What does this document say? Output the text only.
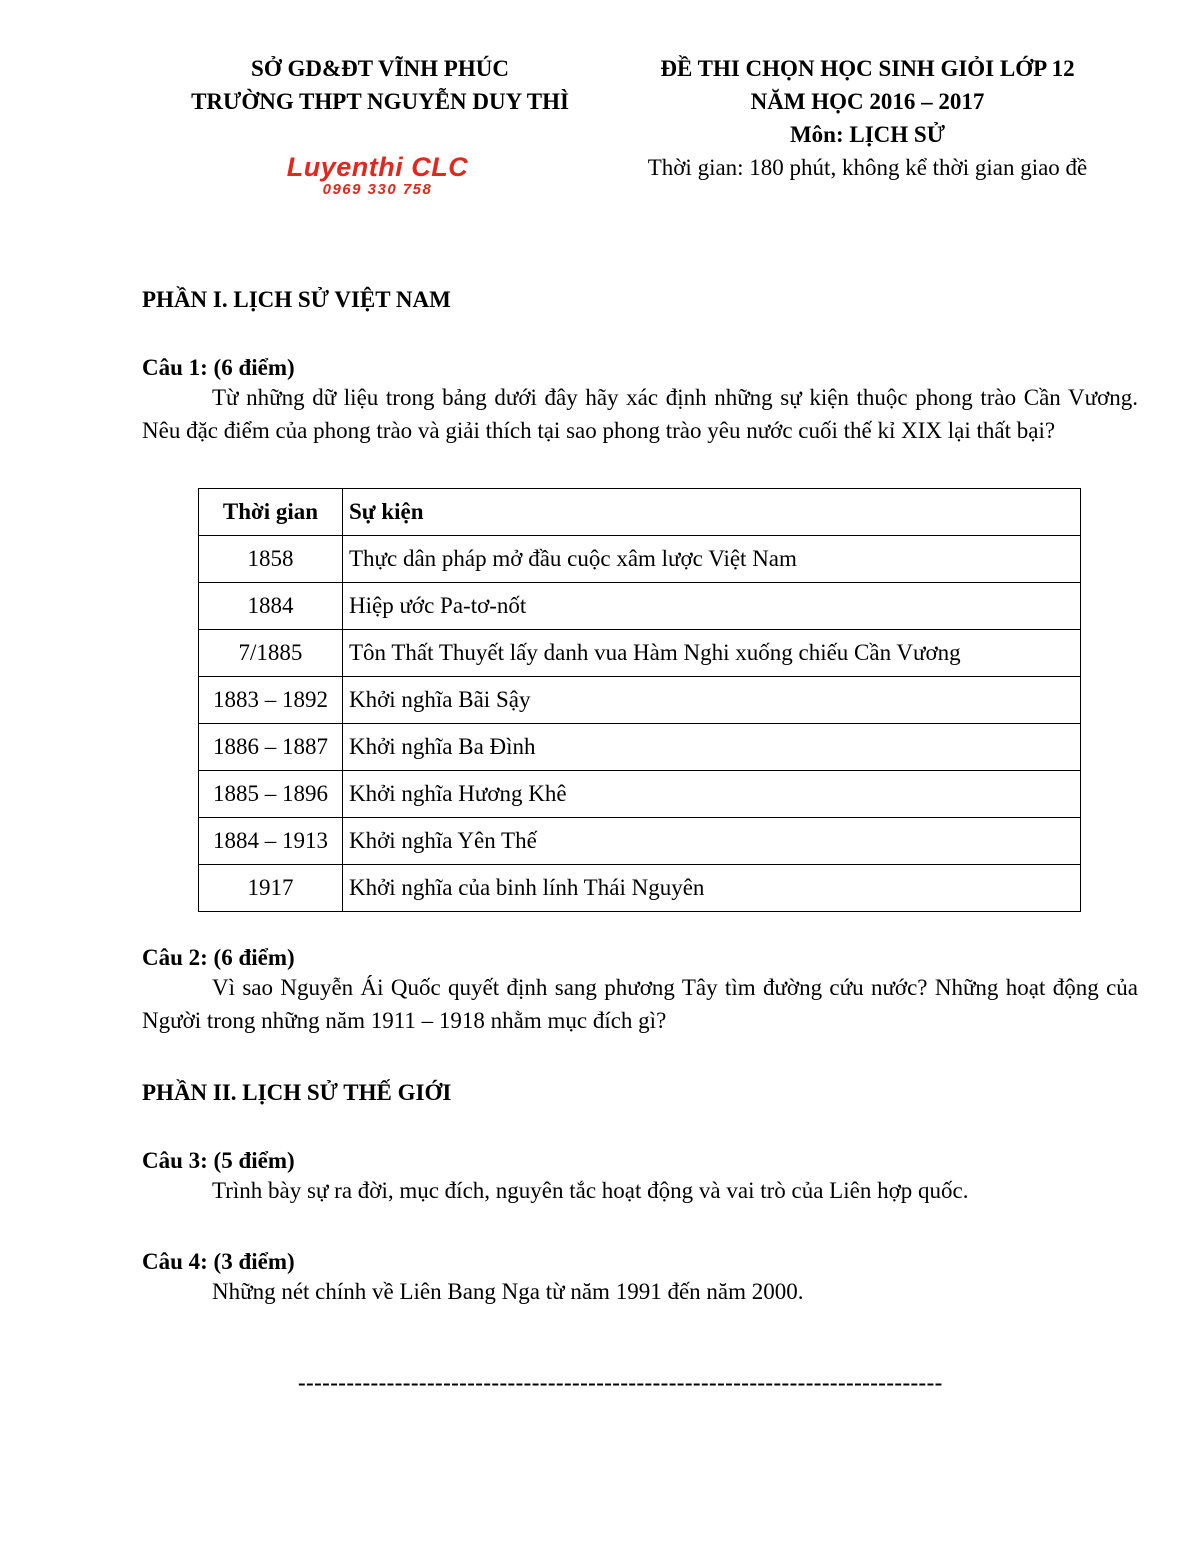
SỞ GD&ĐT VĨNH PHÚC
TRƯỜNG THPT NGUYỄN DUY THÌ
ĐỀ THI CHỌN HỌC SINH GIỎI LỚP 12
NĂM HỌC 2016 – 2017
Môn: LỊCH SỬ
Thời gian: 180 phút, không kể thời gian giao đề
Luyenthi CLC
0969 330 758
PHẦN I. LỊCH SỬ VIỆT NAM
Câu 1: (6 điểm)

Từ những dữ liệu trong bảng dưới đây hãy xác định những sự kiện thuộc phong trào Cần Vương. Nêu đặc điểm của phong trào và giải thích tại sao phong trào yêu nước cuối thế kỉ XIX lại thất bại?

Thời gian	Sự kiện
1858	Thực dân pháp mở đầu cuộc xâm lược Việt Nam
1884	Hiệp ước Pa-tơ-nốt
7/1885	Tôn Thất Thuyết lấy danh vua Hàm Nghi xuống chiếu Cần Vương
1883 – 1892	Khởi nghĩa Bãi Sậy
1886 – 1887	Khởi nghĩa Ba Đình
1885 – 1896	Khởi nghĩa Hương Khê
1884 – 1913	Khởi nghĩa Yên Thế
1917	Khởi nghĩa của binh lính Thái Nguyên
Câu 2: (6 điểm)

Vì sao Nguyễn Ái Quốc quyết định sang phương Tây tìm đường cứu nước? Những hoạt động của Người trong những năm 1911 – 1918 nhằm mục đích gì?

PHẦN II. LỊCH SỬ THẾ GIỚI
Câu 3: (5 điểm)
Trình bày sự ra đời, mục đích, nguyên tắc hoạt động và vai trò của Liên hợp quốc.
Câu 4: (3 điểm)
Những nét chính về Liên Bang Nga từ năm 1991 đến năm 2000.
--------------------------------------------------------------------------------
